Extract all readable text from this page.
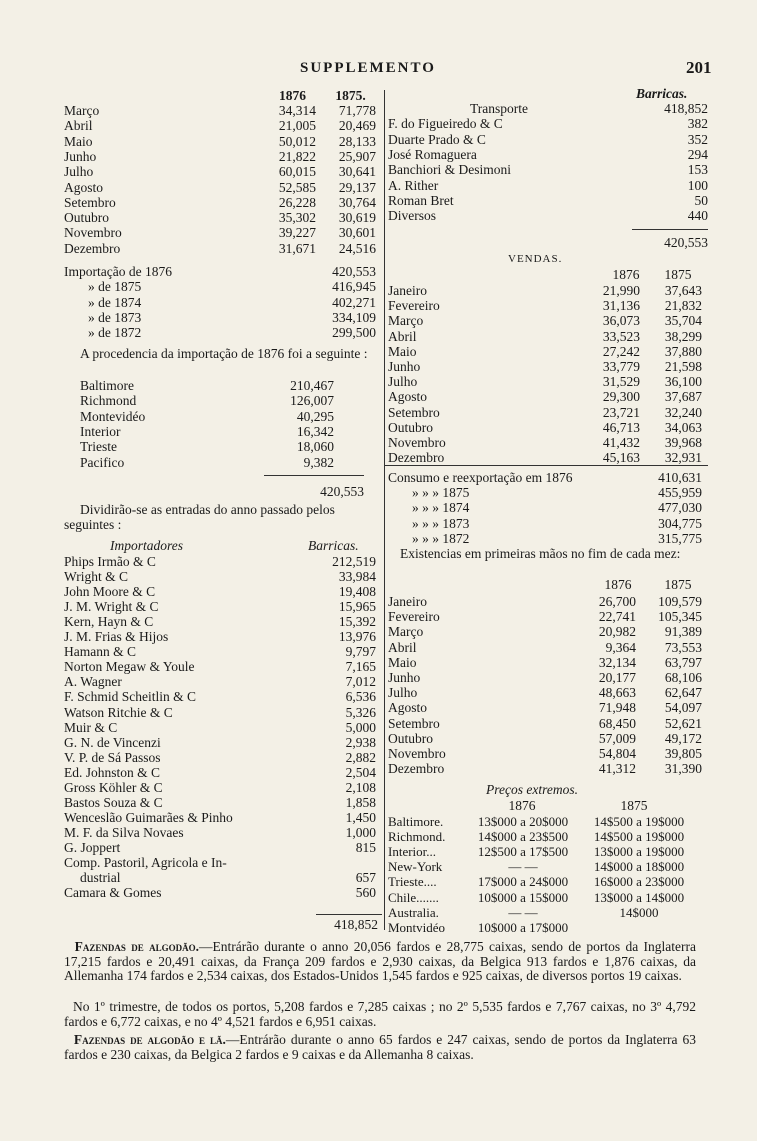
SUPPLEMENTO	201
1876	1875.
Março	34,314	71,778
Abril	21,005	20,469
Maio	50,012	28,133
Junho	21,822	25,907
Julho	60,015	30,641
Agosto	52,585	29,137
Setembro	26,228	30,764
Outubro	35,302	30,619
Novembro	39,227	30,601
Dezembro	31,671	24,516
Importação de 1876	420,553
» de 1875	416,945
» de 1874	402,271
» de 1873	334,109
» de 1872	299,500
A procedencia da importação de 1876 foi a seguinte :
Baltimore	210,467
Richmond	126,007
Montevidéo	40,295
Interior	16,342
Trieste	18,060
Pacifico	9,382
420,553
Dividirão-se as entradas do anno passado pelos seguintes :
Importadores	Barricas.
Phips Irmão & C	212,519
Wright & C	33,984
John Moore & C	19,408
J. M. Wright & C	15,965
Kern, Hayn & C	15,392
J. M. Frias & Hijos	13,976
Hamann & C	9,797
Norton Megaw & Youle	7,165
A. Wagner	7,012
F. Schmid Scheitlin & C	6,536
Watson Ritchie & C	5,326
Muir & C	5,000
G. N. de Vincenzi	2,938
V. P. de Sá Passos	2,882
Ed. Johnston & C	2,504
Gross Köhler & C	2,108
Bastos Souza & C	1,858
Wenceslão Guimarães & Pinho	1,450
M. F. da Silva Novaes	1,000
G. Joppert	815
Comp. Pastoril, Agricola e In-
dustrial	657
Camara & Gomes	560
418,852
Barricas.
Transporte	418,852
F. do Figueiredo & C	382
Duarte Prado & C	352
José Romaguera	294
Banchiori & Desimoni	153
A. Rither	100
Roman Bret	50
Diversos	440
420,553
VENDAS.
1876	1875
Janeiro	21,990	37,643
Fevereiro	31,136	21,832
Março	36,073	35,704
Abril	33,523	38,299
Maio	27,242	37,880
Junho	33,779	21,598
Julho	31,529	36,100
Agosto	29,300	37,687
Setembro	23,721	32,240
Outubro	46,713	34,063
Novembro	41,432	39,968
Dezembro	45,163	32,931
Consumo e reexportação em 1876	410,631
» » » 1875	455,959
» » » 1874	477,030
» » » 1873	304,775
» » » 1872	315,775
Existencias em primeiras mãos no fim de cada mez:
1876	1875
Janeiro	26,700	109,579
Fevereiro	22,741	105,345
Março	20,982	91,389
Abril	9,364	73,553
Maio	32,134	63,797
Junho	20,177	68,106
Julho	48,663	62,647
Agosto	71,948	54,097
Setembro	68,450	52,621
Outubro	57,009	49,172
Novembro	54,804	39,805
Dezembro	41,312	31,390
Preços extremos.
1876	1875
Baltimore.	13$000 a 20$000	14$500 a 19$000
Richmond.	14$000 a 23$500	14$500 a 19$000
Interior...	12$500 a 17$500	13$000 a 19$000
New-York	— —	14$000 a 18$000
Trieste....	17$000 a 24$000	16$000 a 23$000
Chile.......	10$000 a 15$000	13$000 a 14$000
Australia.	— —	14$000
Montvidéo	10$000 a 17$000
Fazendas de algodão.—Entrárão durante o anno 20,056 fardos e 28,775 caixas, sendo de portos da Inglaterra 17,215 fardos e 20,491 caixas, da França 209 fardos e 2,930 caixas, da Belgica 913 fardos e 1,876 caixas, da Allemanha 174 fardos e 2,534 caixas, dos Estados-Unidos 1,545 fardos e 925 caixas, de diversos portos 19 caixas.
No 1º trimestre, de todos os portos, 5,208 fardos e 7,285 caixas ; no 2º 5,535 fardos e 7,767 caixas, no 3º 4,792 fardos e 6,772 caixas, e no 4º 4,521 fardos e 6,951 caixas.
Fazendas de algodão e lã.—Entrárão durante o anno 65 fardos e 247 caixas, sendo de portos da Inglaterra 63 fardos e 230 caixas, da Belgica 2 fardos e 9 caixas e da Allemanha 8 caixas.
